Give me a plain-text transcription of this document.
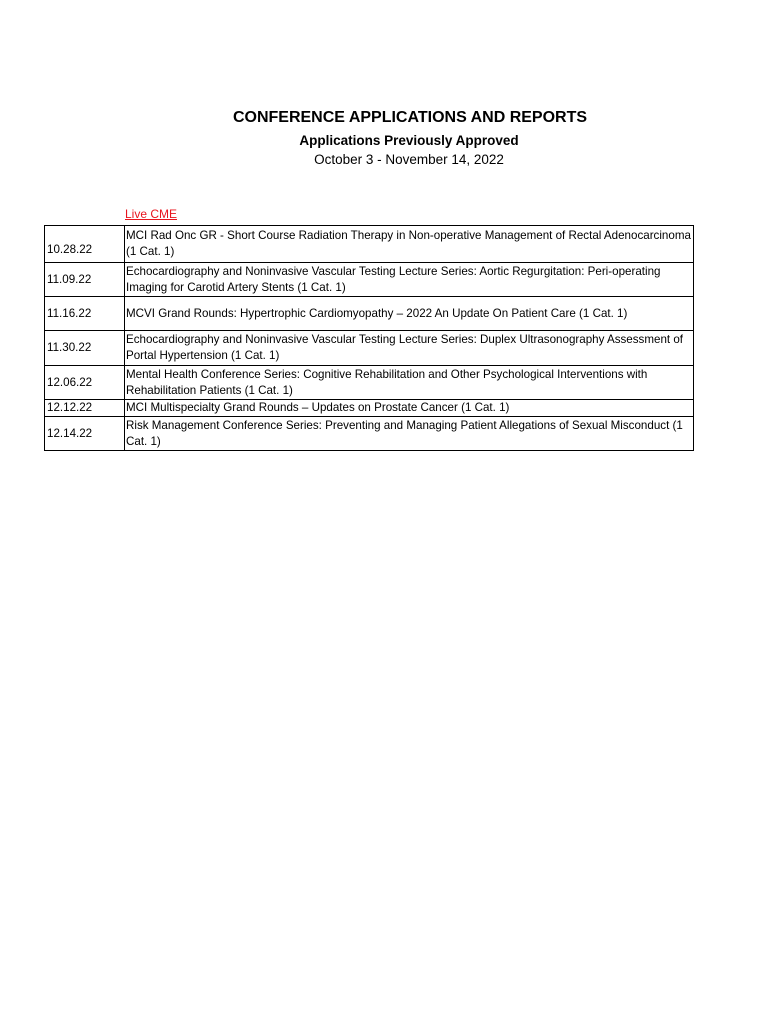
CONFERENCE APPLICATIONS AND REPORTS
Applications Previously Approved
October 3 - November 14, 2022
Live CME
10.28.22	MCI Rad Onc GR - Short Course Radiation Therapy in Non-operative Management of Rectal Adenocarcinoma (1 Cat. 1)
11.09.22	Echocardiography and Noninvasive Vascular Testing Lecture Series: Aortic Regurgitation: Peri-operating Imaging for Carotid Artery Stents (1 Cat. 1)
11.16.22	MCVI Grand Rounds: Hypertrophic Cardiomyopathy – 2022 An Update On Patient Care (1 Cat. 1)
11.30.22	Echocardiography and Noninvasive Vascular Testing Lecture Series: Duplex Ultrasonography Assessment of Portal Hypertension (1 Cat. 1)
12.06.22	Mental Health Conference Series: Cognitive Rehabilitation and Other Psychological Interventions with Rehabilitation Patients (1 Cat. 1)
12.12.22	MCI Multispecialty Grand Rounds – Updates on Prostate Cancer (1 Cat. 1)
12.14.22	Risk Management Conference Series: Preventing and Managing Patient Allegations of Sexual Misconduct (1 Cat. 1)
